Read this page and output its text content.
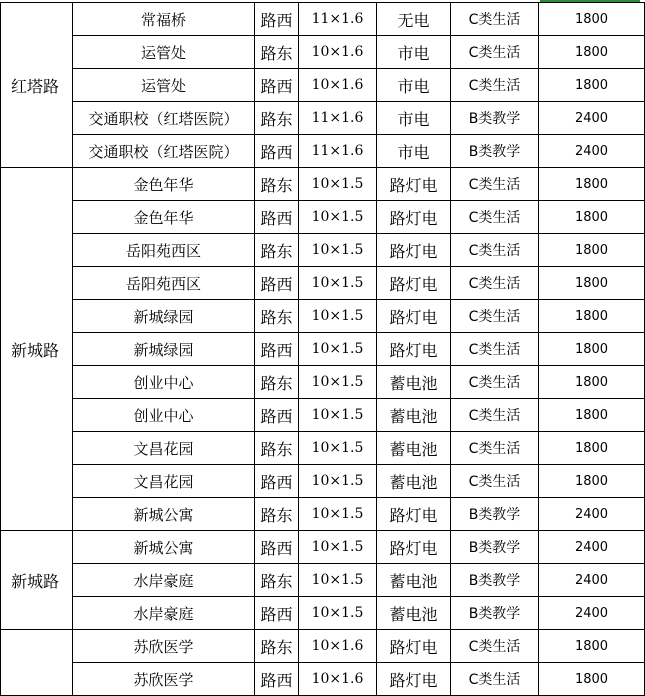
红塔路	常福桥	路西	11×1.6	无电	C类生活	1800
	运管处	路东	10×1.6	市电	C类生活	1800
	运管处	路西	10×1.6	市电	C类生活	1800
	交通职校（红塔医院）	路东	11×1.6	市电	B类教学	2400
	交通职校（红塔医院）	路西	11×1.6	市电	B类教学	2400
新城路	金色年华	路东	10×1.5	路灯电	C类生活	1800
	金色年华	路西	10×1.5	路灯电	C类生活	1800
	岳阳苑西区	路东	10×1.5	路灯电	C类生活	1800
	岳阳苑西区	路西	10×1.5	路灯电	C类生活	1800
	新城绿园	路东	10×1.5	路灯电	C类生活	1800
	新城绿园	路西	10×1.5	路灯电	C类生活	1800
	创业中心	路东	10×1.5	蓄电池	C类生活	1800
	创业中心	路西	10×1.5	蓄电池	C类生活	1800
	文昌花园	路东	10×1.5	蓄电池	C类生活	1800
	文昌花园	路西	10×1.5	蓄电池	C类生活	1800
	新城公寓	路东	10×1.5	路灯电	B类教学	2400
新城路	新城公寓	路西	10×1.5	路灯电	B类教学	2400
	水岸豪庭	路东	10×1.5	蓄电池	B类教学	2400
	水岸豪庭	路西	10×1.5	蓄电池	B类教学	2400
	苏欣医学	路东	10×1.6	路灯电	C类生活	1800
	苏欣医学	路西	10×1.6	路灯电	C类生活	1800
